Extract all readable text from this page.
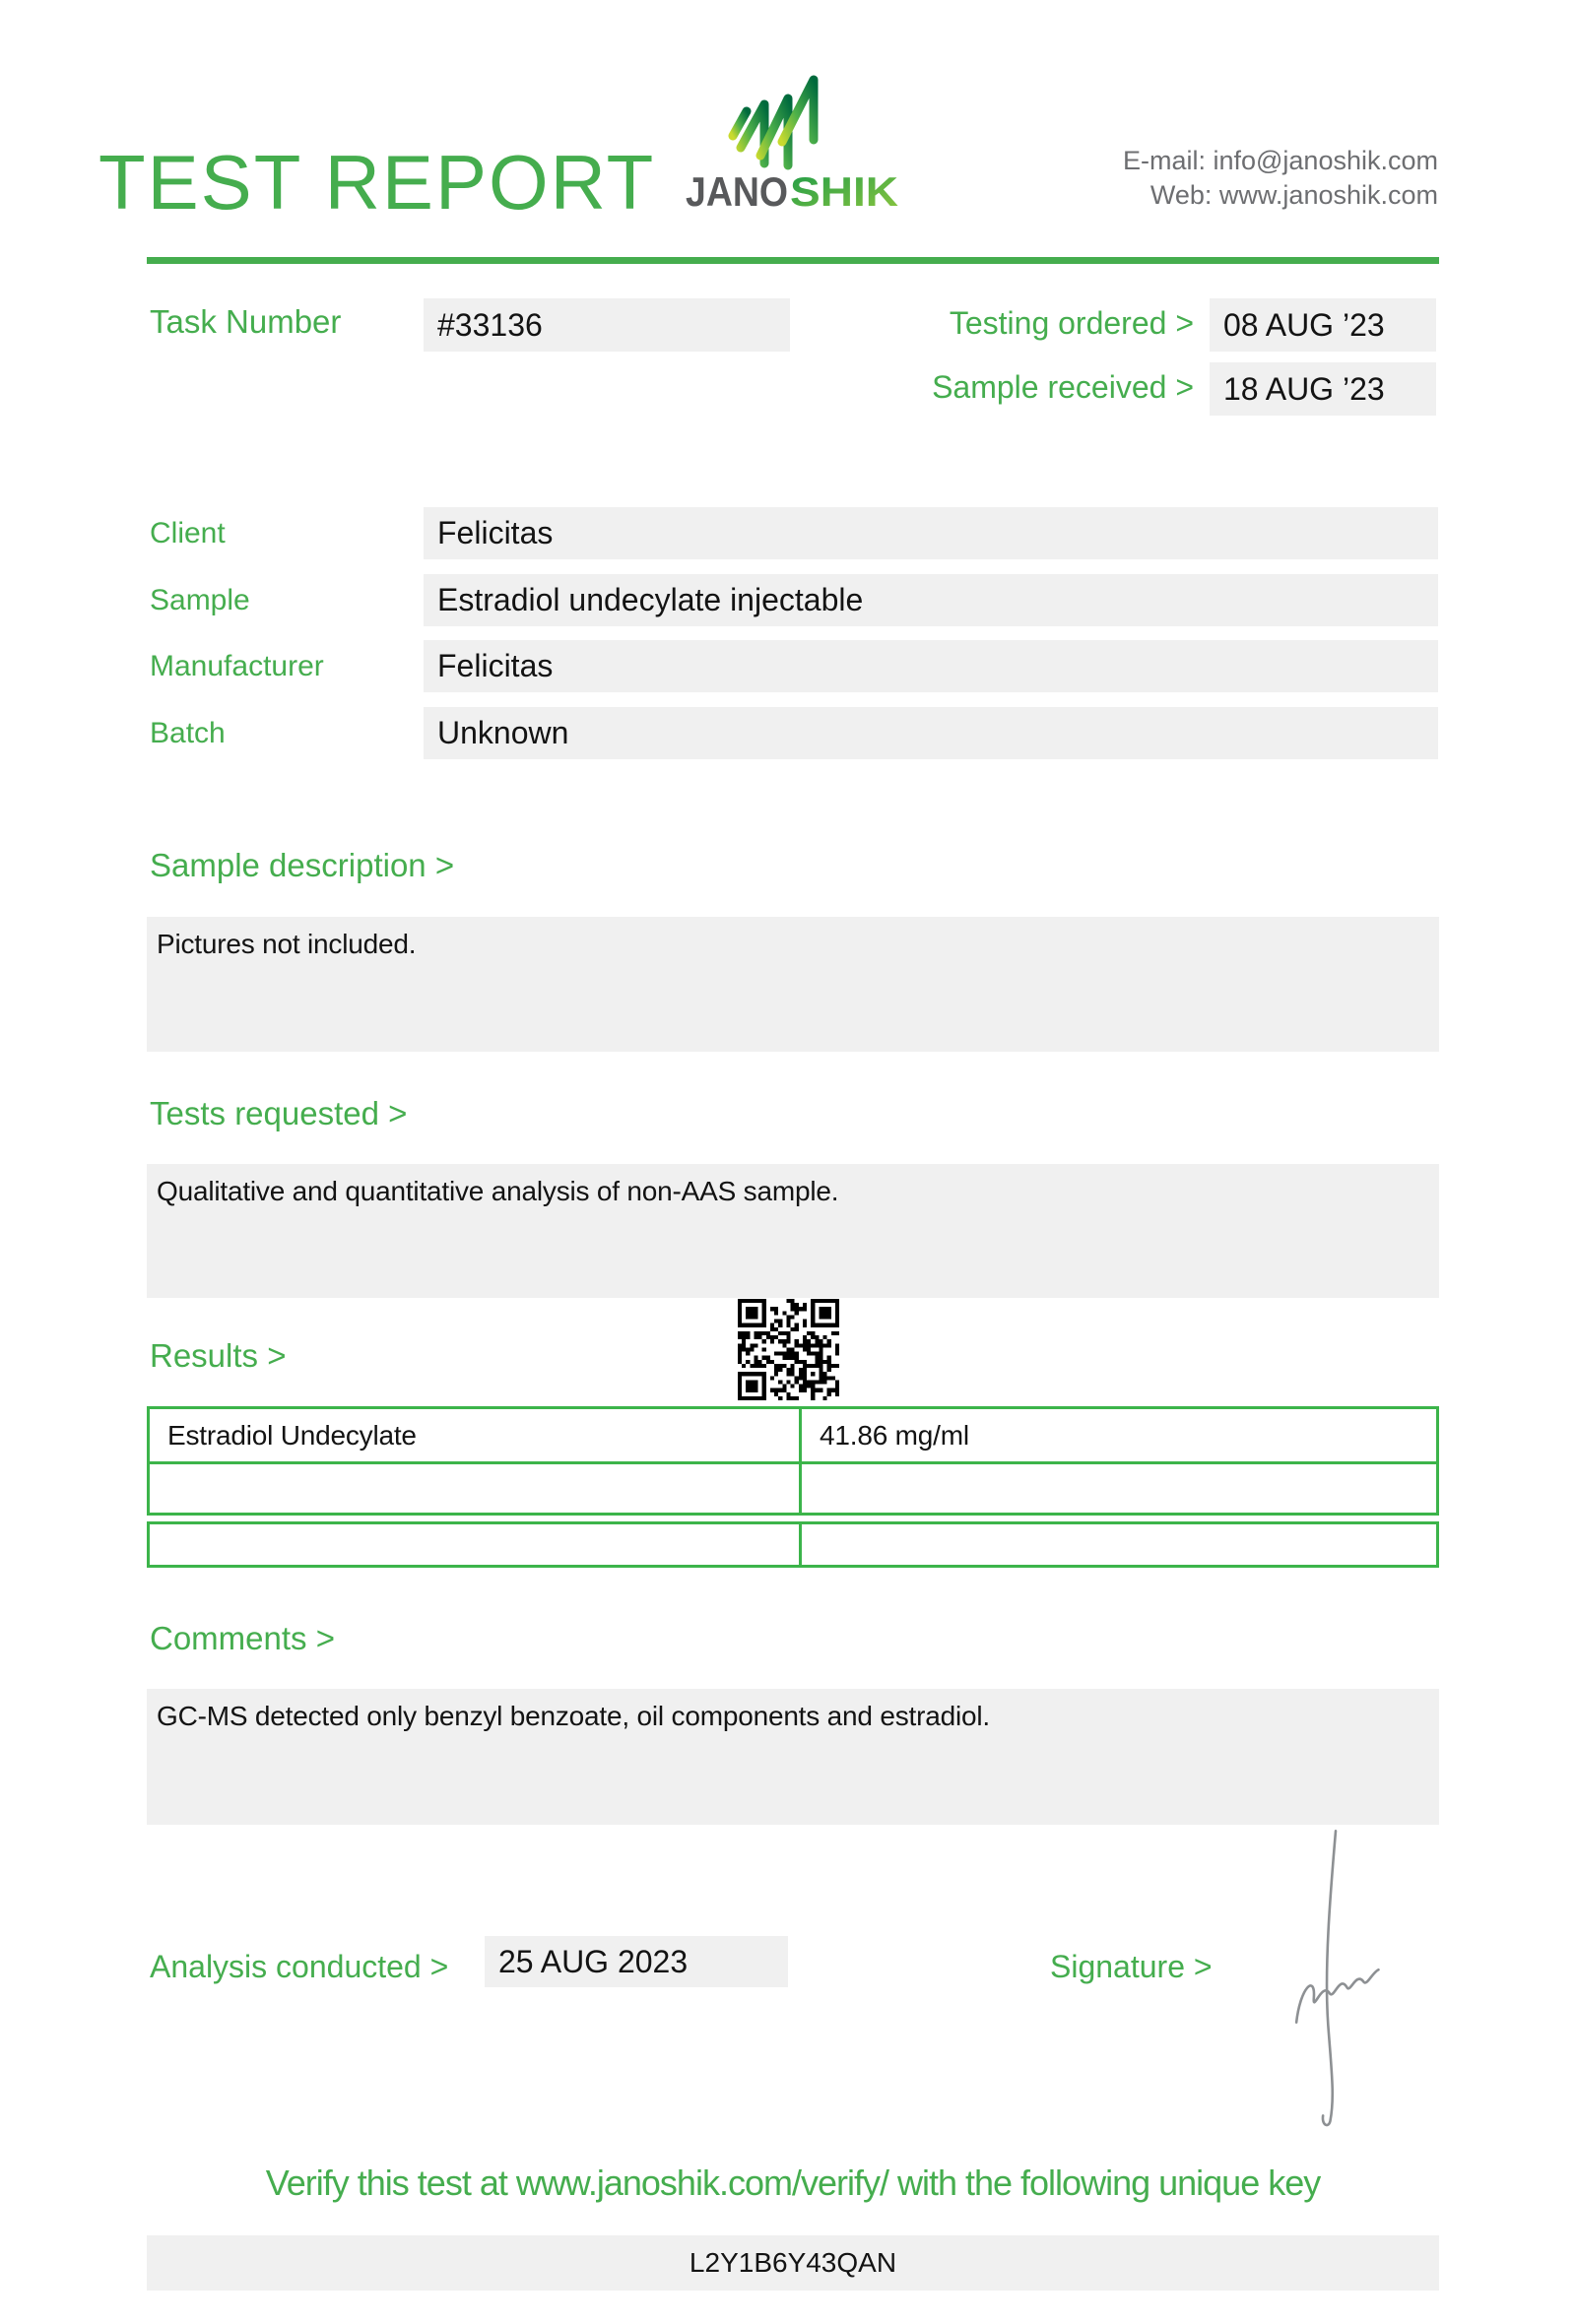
TEST REPORT JANO SHIK
E-mail: info@janoshik.com
Web: www.janoshik.com
Task Number	#33136	Testing ordered > 08 AUG ’23
Sample received > 18 AUG ’23
Client	Felicitas
Sample	Estradiol undecylate injectable
Manufacturer	Felicitas
Batch	Unknown
Sample description >
Pictures not included.
Tests requested >
Qualitative and quantitative analysis of non-AAS sample.
Results >
Estradiol Undecylate	41.86 mg/ml
Comments >
GC-MS detected only benzyl benzoate, oil components and estradiol.
Analysis conducted >	25 AUG 2023	Signature >
Verify this test at www.janoshik.com/verify/ with the following unique key
L2Y1B6Y43QAN
